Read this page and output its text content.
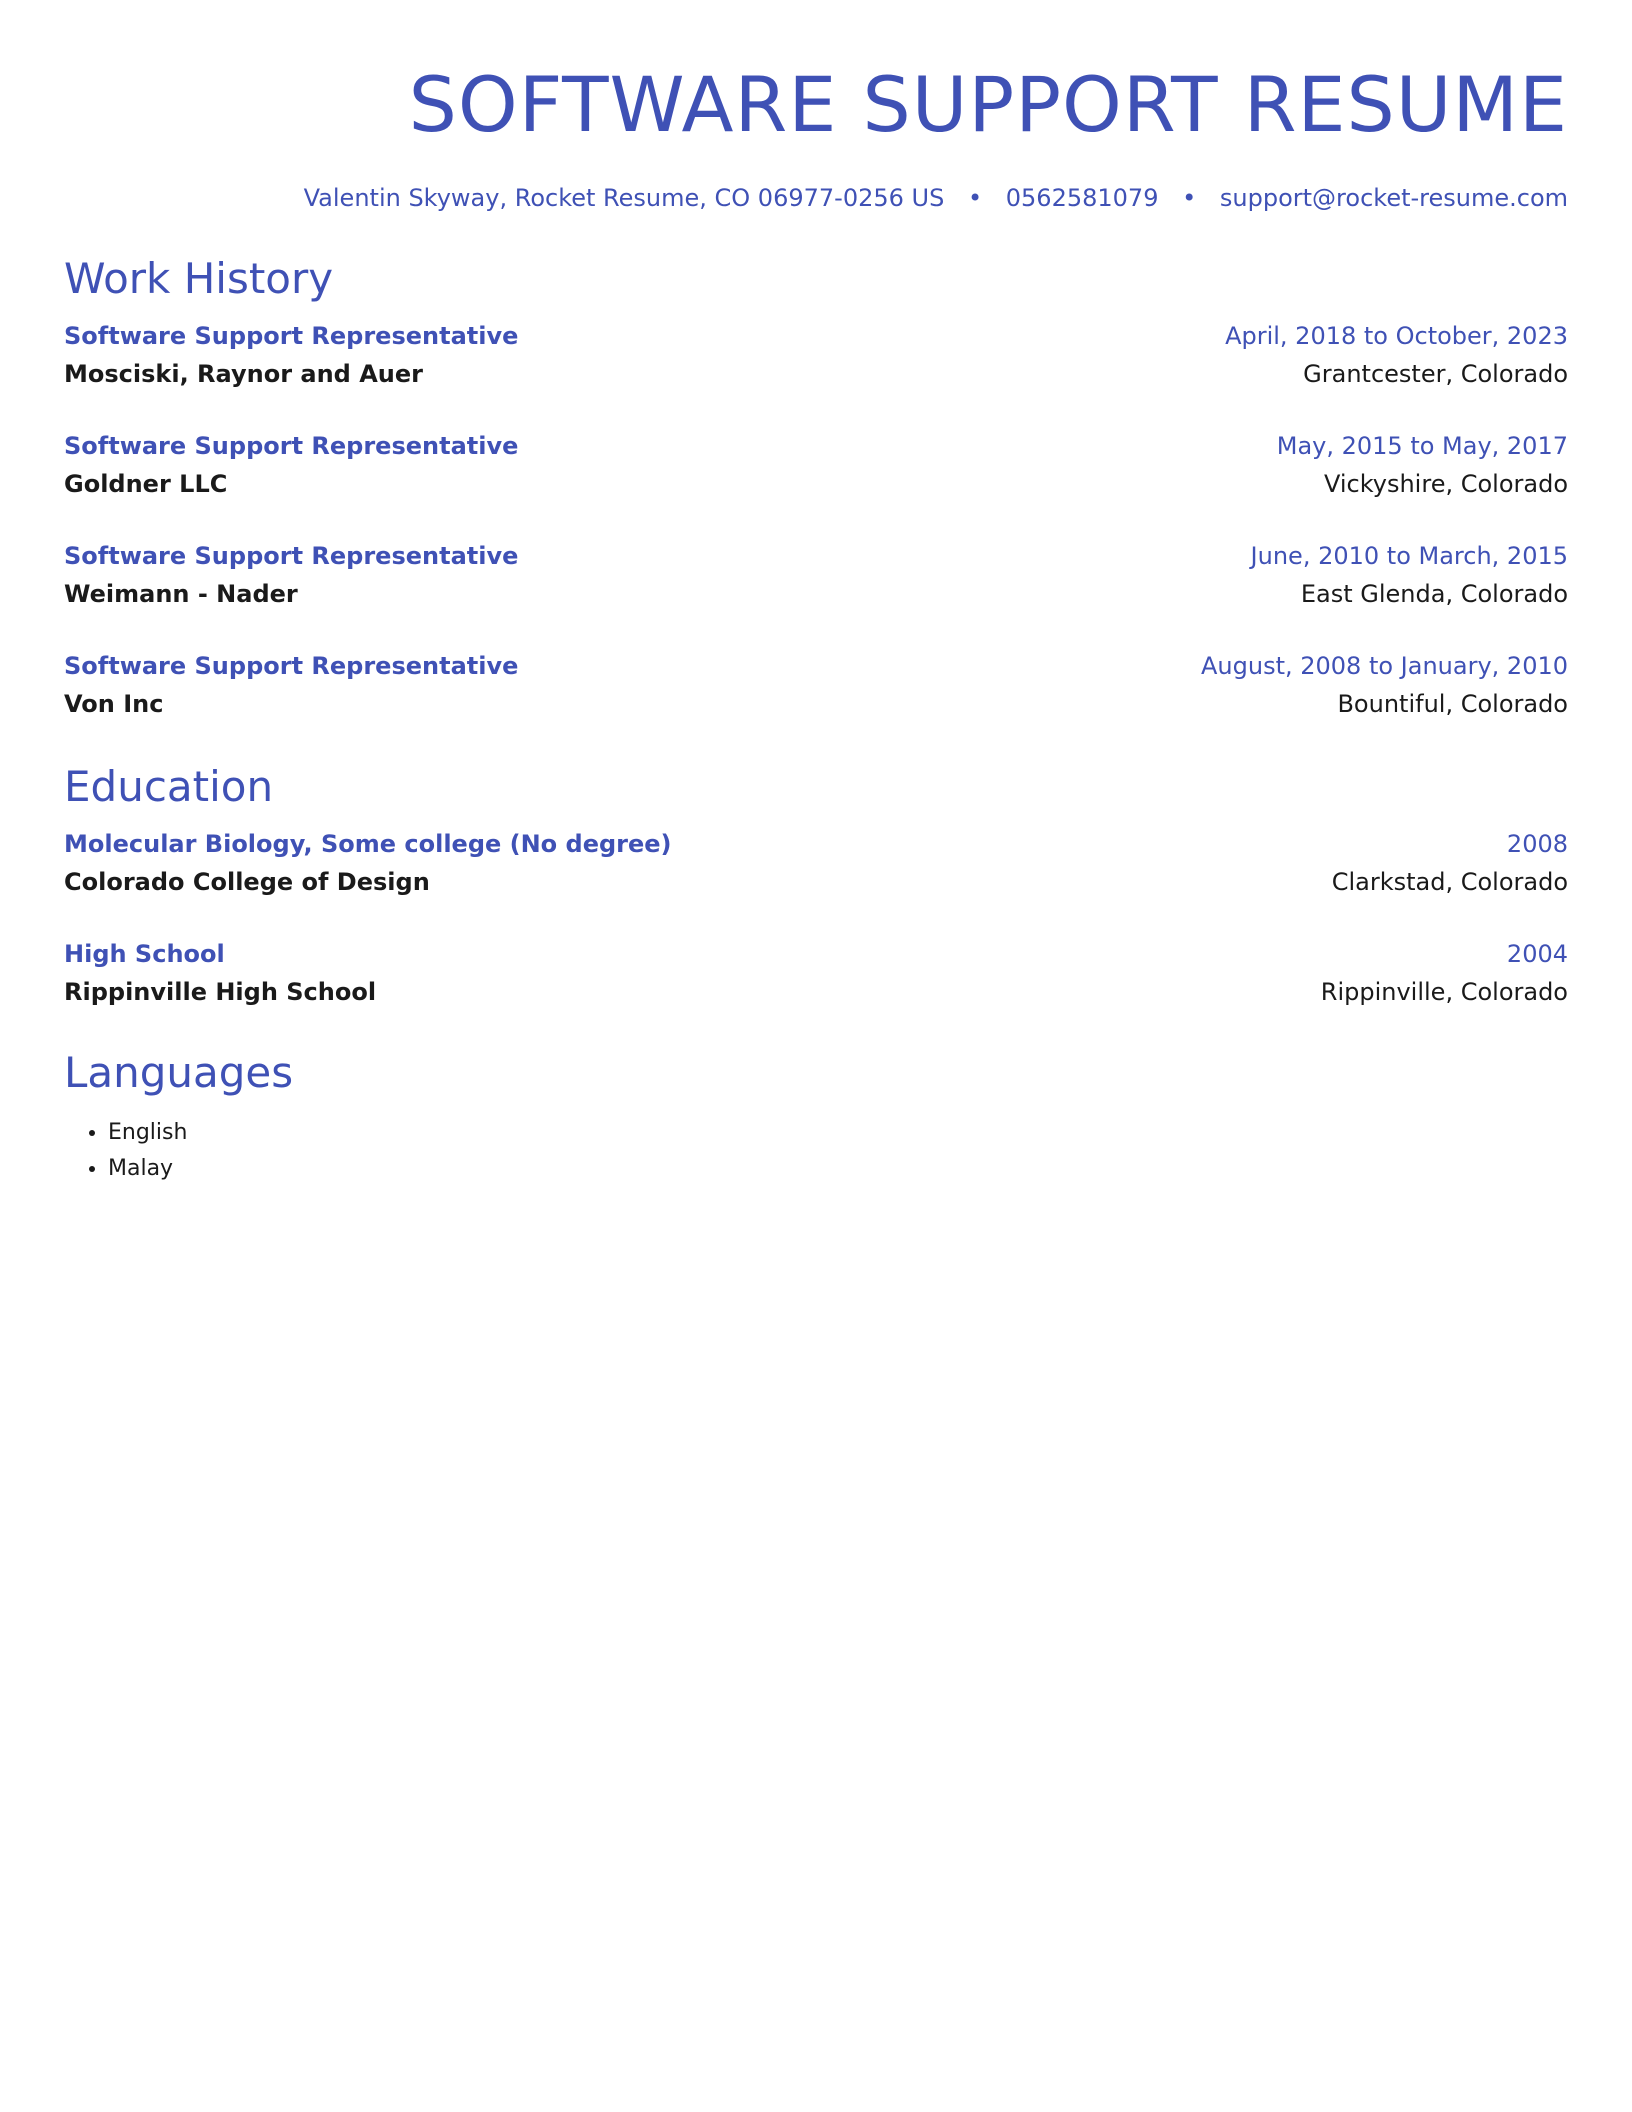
SOFTWARE SUPPORT RESUME
Valentin Skyway, Rocket Resume, CO 06977-0256 US • 0562581079 • support@rocket-resume.com
Work History
Software Support Representative	April, 2018 to October, 2023
Mosciski, Raynor and Auer	Grantcester, Colorado
Software Support Representative	May, 2015 to May, 2017
Goldner LLC	Vickyshire, Colorado
Software Support Representative	June, 2010 to March, 2015
Weimann - Nader	East Glenda, Colorado
Software Support Representative	August, 2008 to January, 2010
Von Inc	Bountiful, Colorado
Education
Molecular Biology, Some college (No degree)	2008
Colorado College of Design	Clarkstad, Colorado
High School	2004
Rippinville High School	Rippinville, Colorado
Languages
• English
• Malay
